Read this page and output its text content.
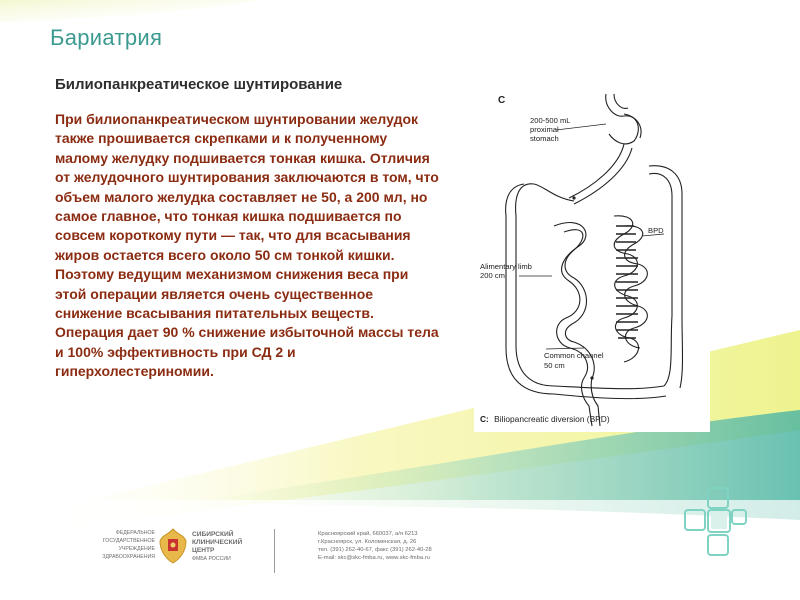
Бариатрия
Билиопанкреатическое шунтирование

При билиопанкреатическом шунтировании желудок также прошивается скрепками и к полученному малому желудку подшивается тонкая кишка. Отличия от желудочного шунтирования заключаются в том, что объем малого желудка составляет не 50, а 200 мл, но самое главное, что тонкая кишка подшивается по совсем короткому пути — так, что для всасывания жиров остается всего около 50 см тонкой кишки. Поэтому ведущим механизмом снижения веса при этой операции является очень существенное снижение всасывания питательных веществ.

Операция дает 90 % снижение избыточной массы тела и 100% эффективность при СД 2 и гиперхолестериномии.

C
200-500 mL
proximal
stomach
BPD
Alimentary limb
200 cm
Common channel
50 cm
C: Biliopancreatic diversion (BPD)
ФЕДЕРАЛЬНОЕ
ГОСУДАРСТВЕННОЕ
УЧРЕЖДЕНИЕ
ЗДРАВООХРАНЕНИЯ
СИБИРСКИЙ
КЛИНИЧЕСКИЙ
ЦЕНТР
ФМБА РОССИИ
Красноярский край, 660037, а/я 6213
г.Красноярск, ул. Коломенская, д. 26
тел. (391) 262-40-67, факс (391) 262-40-28
E-mail: skc@skc-fmba.ru, www.skc-fmba.ru
